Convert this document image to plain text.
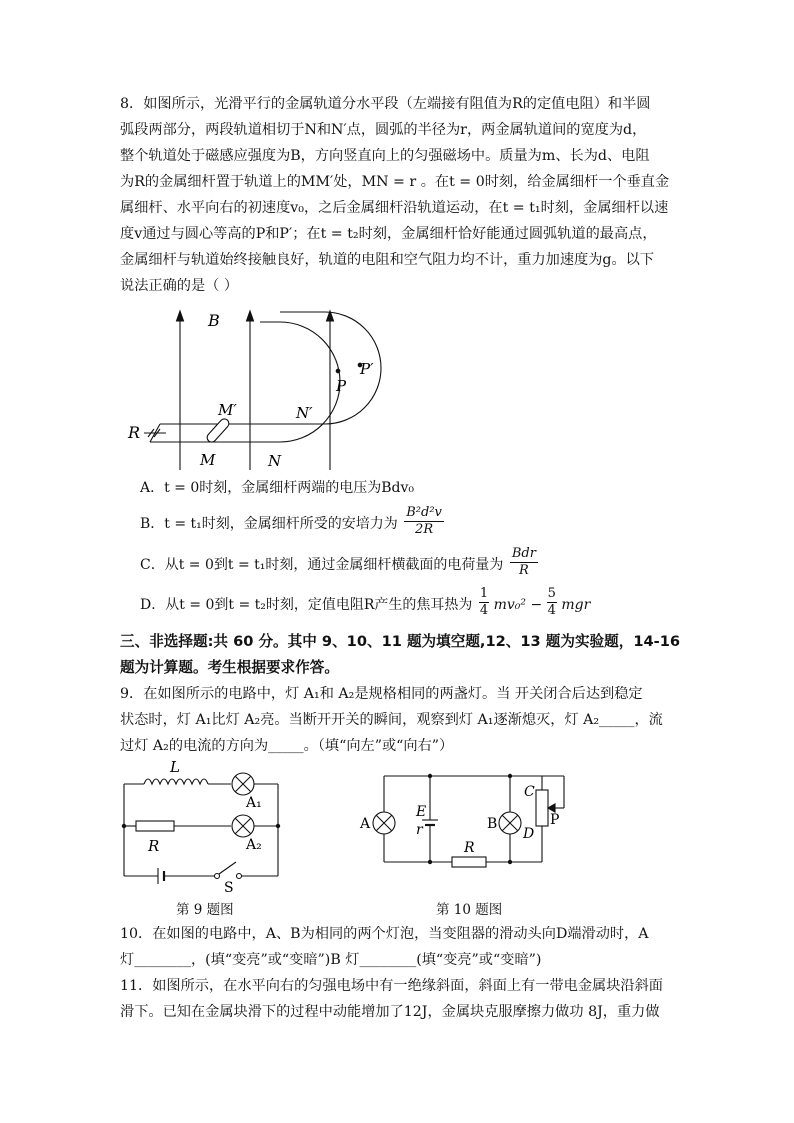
8．如图所示，光滑平行的金属轨道分水平段（左端接有阻值为R的定值电阻）和半圆
弧段两部分，两段轨道相切于N和N′点，圆弧的半径为r，两金属轨道间的宽度为d，
整个轨道处于磁感应强度为B，方向竖直向上的匀强磁场中。质量为m、长为d、电阻
为R的金属细杆置于轨道上的MM′处，MN = r 。在t = 0时刻，给金属细杆一个垂直金
属细杆、水平向右的初速度v₀，之后金属细杆沿轨道运动，在t = t₁时刻，金属细杆以速
度v通过与圆心等高的P和P′；在t = t₂时刻，金属细杆恰好能通过圆弧轨道的最高点，
金属细杆与轨道始终接触良好，轨道的电阻和空气阻力均不计，重力加速度为g。以下
说法正确的是（ ）
B
R
M′
M	N
N′
P
P′
A．t = 0时刻，金属细杆两端的电压为Bdv₀
B．t = t₁时刻，金属细杆所受的安培力为 $\frac{\text{B²d²v}}{2R}$
C．从t = 0到t = t₁时刻，通过金属细杆横截面的电荷量为
Bdr
R
D．从t = 0到t = t₂时刻，定值电阻R产生的焦耳热为 $\frac{1}{4} mv_0^2 - \frac{5}{4}$ mgr
三、非选择题:共 60 分。其中 9、10、11 题为填空题,12、13 题为实验题，14-16
题为计算题。考生根据要求作答。
9．在如图所示的电路中，灯 A₁和 A₂是规格相同的两盏灯。当 开关闭合后达到稳定
状态时，灯 A₁比灯 A₂亮。当断开开关的瞬间，观察到灯 A₁逐渐熄灭，灯 A₂_____，流
过灯 A₂的电流的方向为_____。（填“向左”或“向右”）
L
A₁
A₂
R
S
第 9 题图
A
E
r	B
C
P
D
R
第 10 题图
10．在如图的电路中，A、B为相同的两个灯泡，当变阻器的滑动头向D端滑动时，A
灯________，(填“变亮”或“变暗”)B 灯________(填“变亮”或“变暗”)
11．如图所示，在水平向右的匀强电场中有一绝缘斜面，斜面上有一带电金属块沿斜面
滑下。已知在金属块滑下的过程中动能增加了12J，金属块克服摩擦力做功 8J，重力做
